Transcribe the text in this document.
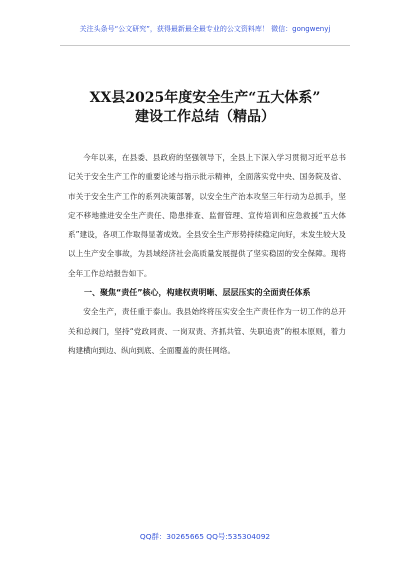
关注头条号“公文研究”，获得最新最全最专业的公文资料库！ 微信：gongwenyj
XX县2025年度安全生产“五大体系”
建设工作总结（精品）

今年以来，在县委、县政府的坚强领导下，全县上下深入学习贯彻习近平总书记关于安全生产工作的重要论述与指示批示精神，全面落实党中央、国务院及省、市关于安全生产工作的系列决策部署，以安全生产治本攻坚三年行动为总抓手，坚定不移地推进安全生产责任、隐患排查、监督管理、宣传培训和应急救援“五大体系”建设，各项工作取得显著成效。全县安全生产形势持续稳定向好，未发生较大及以上生产安全事故，为县域经济社会高质量发展提供了坚实稳固的安全保障。现将全年工作总结报告如下。

一、聚焦“责任”核心，构建权责明晰、层层压实的全面责任体系

安全生产，责任重于泰山。我县始终将压实安全生产责任作为一切工作的总开关和总阀门，坚持“党政同责、一岗双责、齐抓共管、失职追责”的根本原则，着力构建横向到边、纵向到底、全面覆盖的责任网络。

QQ群：30265665 QQ号:535304092
